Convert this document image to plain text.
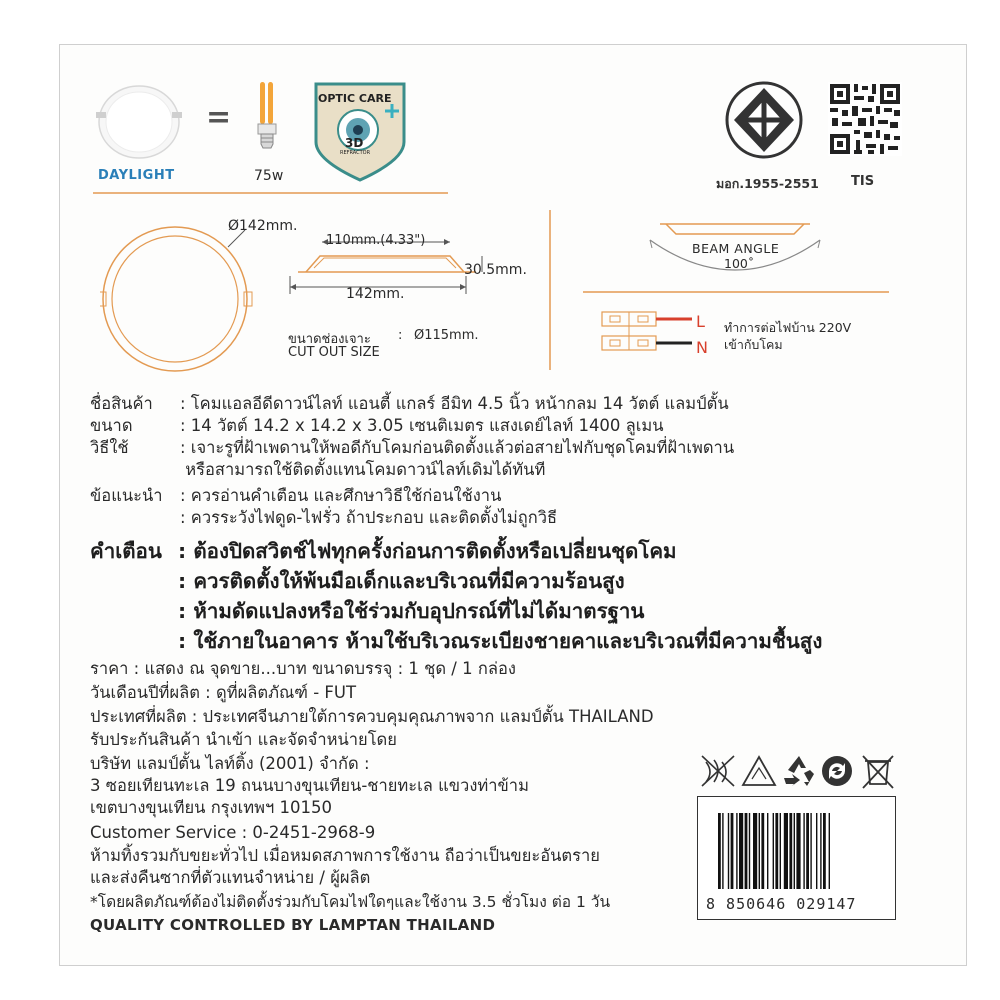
DAYLIGHT
=
75w
OPTIC CARE
3D
REFRACTOR
มอก.1955-2551 TIS
Ø142mm.
110mm.(4.33")
30.5mm.
142mm.
ขนาดช่องเจาะ : Ø115mm.
CUT OUT SIZE
BEAM ANGLE
100˚
L
N
ทำการต่อไฟบ้าน 220V
เข้ากับโคม
ชื่อสินค้า : โคมแอลอีดีดาวน์ไลท์ แอนตี้ แกลร์ อีมิท 4.5 นิ้ว หน้ากลม 14 วัตต์ แลมป์ตั้น
ขนาด	: 14 วัตต์ 14.2 x 14.2 x 3.05 เซนติเมตร แสงเดย์ไลท์ 1400 ลูเมน
วิธีใช้	: เจาะรูที่ฝ้าเพดานให้พอดีกับโคมก่อนติดตั้งแล้วต่อสายไฟกับชุดโคมที่ฝ้าเพดาน
หรือสามารถใช้ติดตั้งแทนโคมดาวน์ไลท์เดิมได้ทันที
ข้อแนะนำ : ควรอ่านคำเตือน และศึกษาวิธีใช้ก่อนใช้งาน
: ควรระวังไฟดูด-ไฟรั่ว ถ้าประกอบ และติดตั้งไม่ถูกวิธี
คำเตือน : ต้องปิดสวิตช์ไฟทุกครั้งก่อนการติดตั้งหรือเปลี่ยนชุดโคม
: ควรติดตั้งให้พ้นมือเด็กและบริเวณที่มีความร้อนสูง
: ห้ามดัดแปลงหรือใช้ร่วมกับอุปกรณ์ที่ไม่ได้มาตรฐาน
: ใช้ภายในอาคาร ห้ามใช้บริเวณระเบียงชายคาและบริเวณที่มีความชื้นสูง
ราคา : แสดง ณ จุดขาย...บาท ขนาดบรรจุ : 1 ชุด / 1 กล่อง
วันเดือนปีที่ผลิต : ดูที่ผลิตภัณฑ์ - FUT
ประเทศที่ผลิต : ประเทศจีนภายใต้การควบคุมคุณภาพจาก แลมป์ตั้น THAILAND
รับประกันสินค้า นำเข้า และจัดจำหน่ายโดย
บริษัท แลมป์ตั้น ไลท์ติ้ง (2001) จำกัด :
3 ซอยเทียนทะเล 19 ถนนบางขุนเทียน-ชายทะเล แขวงท่าข้าม
เขตบางขุนเทียน กรุงเทพฯ 10150
Customer Service : 0-2451-2968-9
ห้ามทิ้งรวมกับขยะทั่วไป เมื่อหมดสภาพการใช้งาน ถือว่าเป็นขยะอันตราย
และส่งคืนซากที่ตัวแทนจำหน่าย / ผู้ผลิต
*โดยผลิตภัณฑ์ต้องไม่ติดตั้งร่วมกับโคมไฟใดๆและใช้งาน 3.5 ชั่วโมง ต่อ 1 วัน
QUALITY CONTROLLED BY LAMPTAN THAILAND
8 850646 029147
